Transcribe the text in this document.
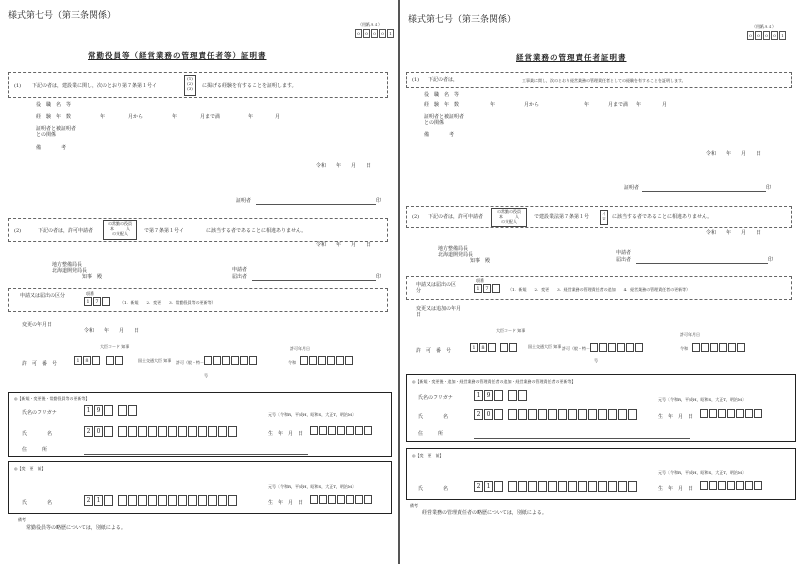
様式第七号（第三条関係）
（用紙Ａ４）
0 0 0 0 1
常勤役員等（経営業務の管理責任者等）証明書
(1) 下記の者は，建設業に関し，次のとおり第７条第１号イ
(1)
(2)
(3)	に掲げる経験を有することを証明します。
役　職　名　等
経　験　年　数	年	月から	年	月まで満	年	月
証明者と被証明者との関係
備　　　　考
令和　　年　　月　　日
証明者	印
(2)	下記の者は，許可申請者
の常勤の役員
本　　　人
の支配人	で第７条第１号イ	に該当する者であることに相違ありません。
令和　　年　　月　　日
地方整備局長
北海道開発局長
知事　殿
申請者
届出者	印
申請又は届出の区分	項番
1 7	（1．新規　　2．変更　　3．常勤役員等の更新等）
変更の年月日
令和　　年　　月　　日
許　可　番　号	1 8
大臣コード 知事
国土交通大臣 知事	許可（般・特－
号
許可年月日
令和
◎【新規・変更後・常勤役員等の更新等】
氏名のフリガナ	1 9
氏　　　　名	2 0
元号〔令和R，平成H，昭和S，大正T，明治M〕
生　年　月　日
住　　　所
◎【変　更　前】
元号〔令和R，平成H，昭和S，大正T，明治M〕
氏　　　　名	2 1	生　年　月　日
備考
常勤役員等の略歴については，別紙による。
様式第七号（第三条関係）
（用紙Ａ４）
0 0 0 0 1
経営業務の管理責任者証明書
(1) 下記の者は，	工事業に関し，次のとおり経営業務の管理責任者としての経験を有することを証明します。
役　職　名　等
経　験　年　数	年	月から	年	月まで満 年	月
証明者と被証明者との関係
備　　　　考
令和　　年　　月　　日
証明者	印
(2) 下記の者は，許可申請者
の常勤の役員
本　　　人
の支配人
で建設業法第７条第１号
イ
ロ に該当する者であることに相違ありません。
令和　　年　　月　　日
地方整備局長
北海道開発局長
知事　殿
申請者
届出者	印
申請又は届出の区分
項番
1 7	（1．新規　　2．変更　　3．経営業務の管理責任者の追加　　4．経営業務の管理責任者の更新等）
変更又は追加の年月日
許　可　番　号	1 8
大臣コード 知事
国土交通大臣 知事 許可（般・特－
号
許可年月日
令和
◎【新規・変更後・追加・経営業務の管理責任者の追加・経営業務の管理責任者の更新等】
氏名のフリガナ	1 9
氏　　　　名	2 0
元号〔令和R，平成H，昭和S，大正T，明治M〕
生　年　月　日
住　　　所
◎【変　更　前】
元号〔令和R，平成H，昭和S，大正T，明治M〕
氏　　　　名	2 1	生　年　月　日
備考
経営業務の管理責任者の略歴については，別紙による。
